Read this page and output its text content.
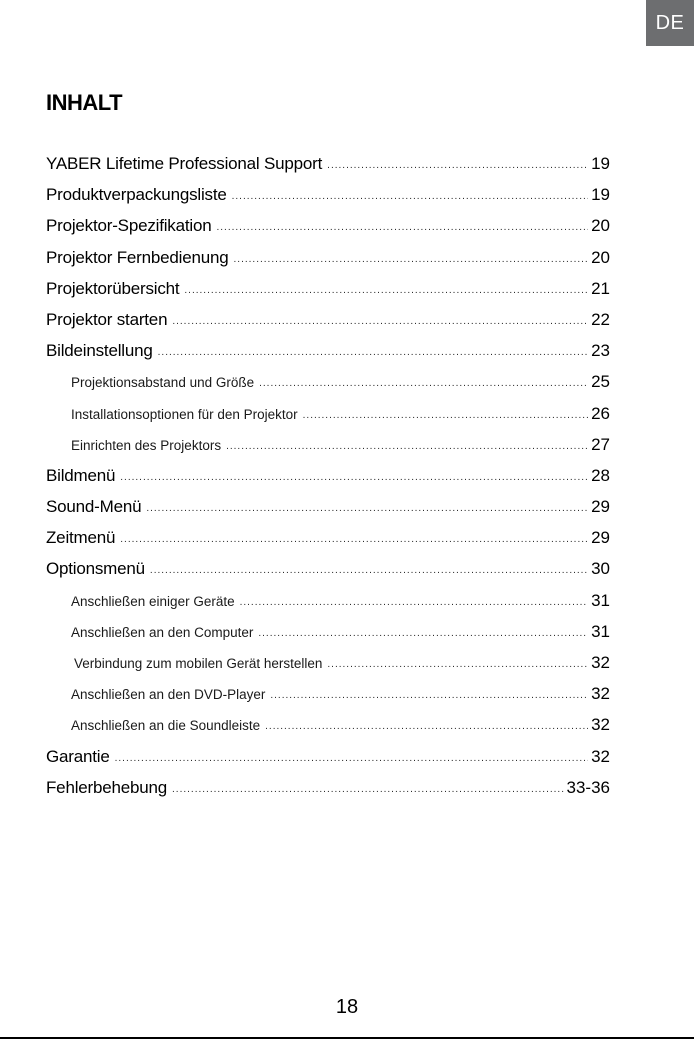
DE
INHALT
YABER Lifetime Professional Support .....	19
Produktverpackungsliste .....	19
Projektor-Spezifikation .....	20
Projektor Fernbedienung .....	20
Projektorübersicht .....	21
Projektor starten .....	22
Bildeinstellung .....	23
Projektionsabstand und Größe .....	25
Installationsoptionen für den Projektor .....	26
Einrichten des Projektors .....	27
Bildmenü .....	28
Sound-Menü .....	29
Zeitmenü .....	29
Optionsmenü .....	30
Anschließen einiger Geräte .....	31
Anschließen an den Computer .....	31
Verbindung zum mobilen Gerät herstellen .....	32
Anschließen an den DVD-Player .....	32
Anschließen an die Soundleiste .....	32
Garantie .....	32
Fehlerbehebung .....	33-36
18
